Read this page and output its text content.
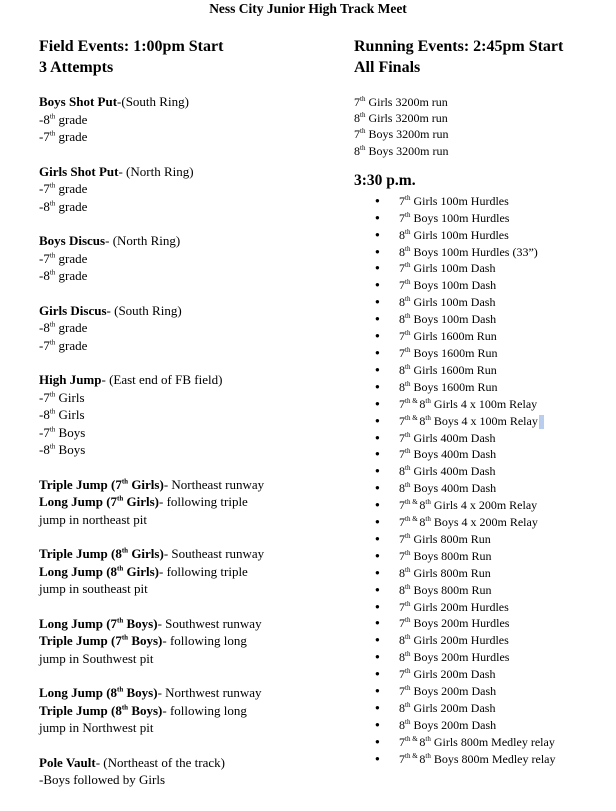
Ness City Junior High Track Meet
Field Events: 1:00pm Start
3 Attempts
Boys Shot Put-(South Ring)
-8th grade
-7th grade
Girls Shot Put- (North Ring)
-7th grade
-8th grade
Boys Discus- (North Ring)
-7th grade
-8th grade
Girls Discus- (South Ring)
-8th grade
-7th grade
High Jump- (East end of FB field)
-7th Girls
-8th Girls
-7th Boys
-8th Boys
Triple Jump (7th Girls)- Northeast runway
Long Jump (7th Girls)- following triple
jump in northeast pit
Triple Jump (8th Girls)- Southeast runway
Long Jump (8th Girls)- following triple
jump in southeast pit
Long Jump (7th Boys)- Southwest runway
Triple Jump (7th Boys)- following long
jump in Southwest pit
Long Jump (8th Boys)- Northwest runway
Triple Jump (8th Boys)- following long
jump in Northwest pit
Pole Vault- (Northeast of the track)
-Boys followed by Girls
Running Events: 2:45pm Start
All Finals
7th Girls 3200m run
8th Girls 3200m run
7th Boys 3200m run
8th Boys 3200m run
3:30 p.m.
● 7th Girls 100m Hurdles
● 7th Boys 100m Hurdles
● 8th Girls 100m Hurdles
● 8th Boys 100m Hurdles (33”)
● 7th Girls 100m Dash
● 7th Boys 100m Dash
● 8th Girls 100m Dash
● 8th Boys 100m Dash
● 7th Girls 1600m Run
● 7th Boys 1600m Run
● 8th Girls 1600m Run
● 8th Boys 1600m Run
● $7^{th \&}$ 8th Girls 4 x 100m Relay
● $7^{th \&}$ 8th Boys 4 x 100m Relay
● 7th Girls 400m Dash
● 7th Boys 400m Dash
● 8th Girls 400m Dash
● 8th Boys 400m Dash
● $7^{th \&}$ 8th Girls 4 x 200m Relay
● $7^{th \&}$ 8th Boys 4 x 200m Relay
● 7th Girls 800m Run
● 7th Boys 800m Run
● 8th Girls 800m Run
● 8th Boys 800m Run
● 7th Girls 200m Hurdles
● 7th Boys 200m Hurdles
● 8th Girls 200m Hurdles
● 8th Boys 200m Hurdles
● 7th Girls 200m Dash
● 7th Boys 200m Dash
● 8th Girls 200m Dash
● 8th Boys 200m Dash
● $7^{th \&}$ 8th Girls 800m Medley relay
● $7^{th \&}$ 8th Boys 800m Medley relay
